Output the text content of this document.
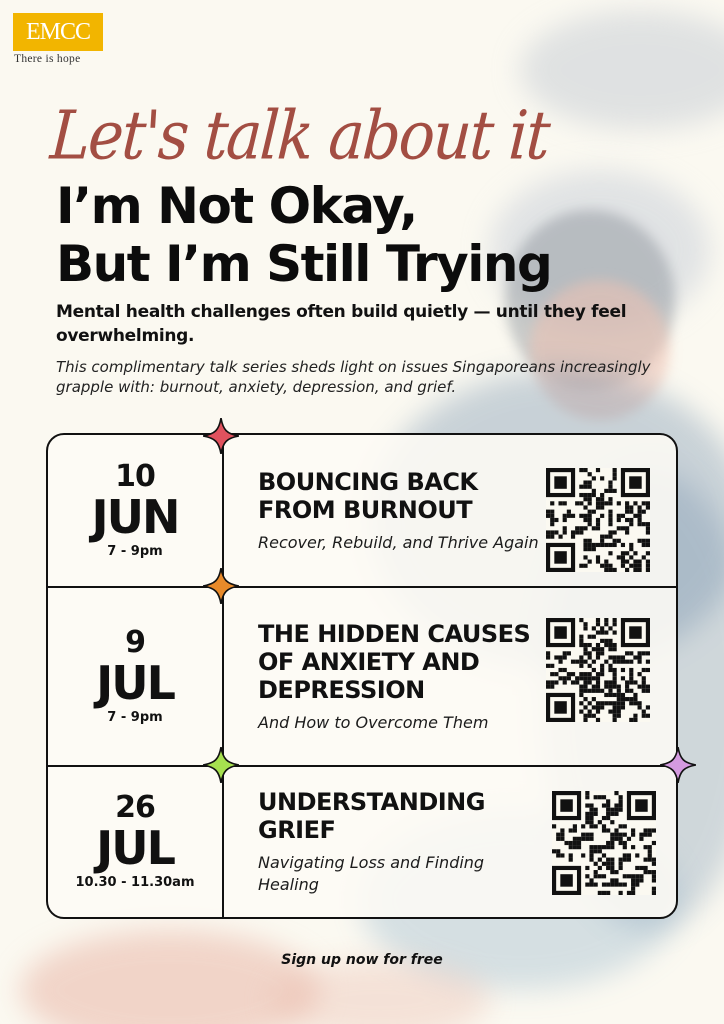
EMCC
There is hope
Let's talk about it
I’m Not Okay,
But I’m Still Trying
Mental health challenges often build quietly — until they feel overwhelming.
This complimentary talk series sheds light on issues Singaporeans increasingly grapple with: burnout, anxiety, depression, and grief.
10
JUN
7 - 9pm
BOUNCING BACK FROM BURNOUT
Recover, Rebuild, and Thrive Again
9
JUL
7 - 9pm
THE HIDDEN CAUSES OF ANXIETY AND DEPRESSION
And How to Overcome Them
26
JUL
10.30 - 11.30am
UNDERSTANDING GRIEF
Navigating Loss and Finding Healing
Sign up now for free
